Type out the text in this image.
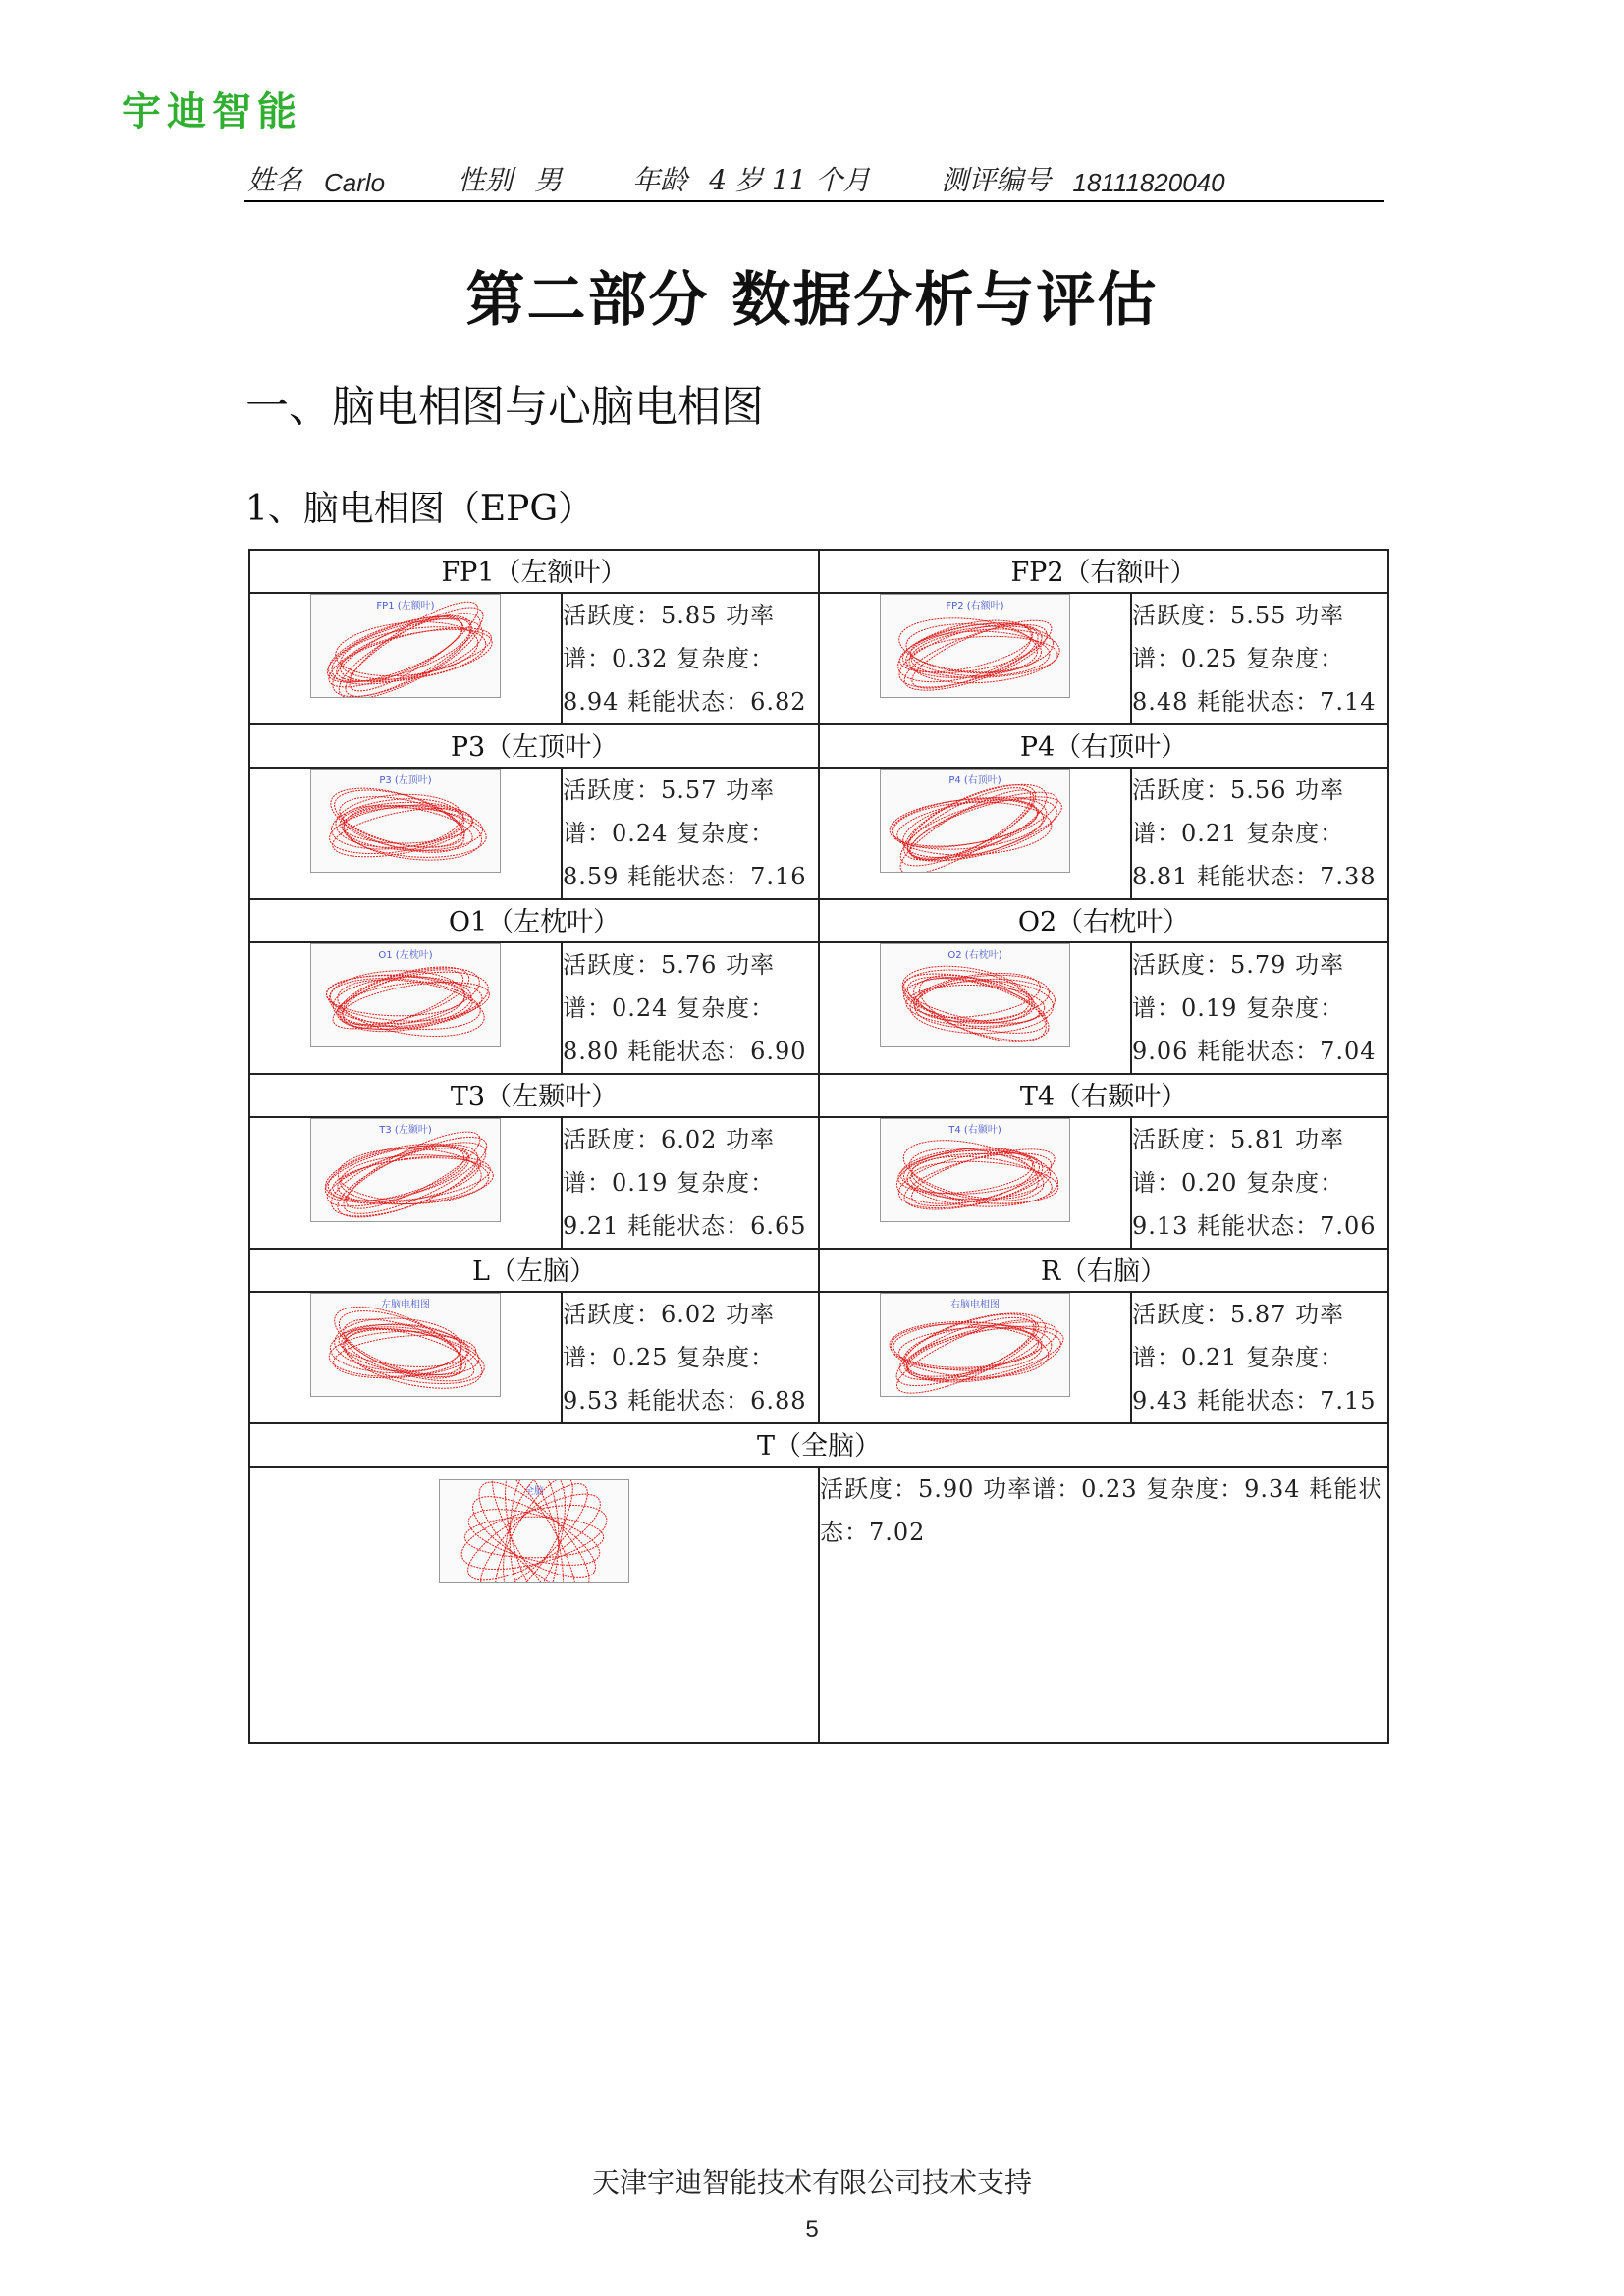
宇迪智能
姓名 Carlo	性别 男	年龄 4 岁 11 个月	测评编号 18111820040
第二部分 数据分析与评估
一、脑电相图与心脑电相图
1、脑电相图（EPG）
FP1（左额叶）		FP2（右额叶）	

FP1 (左额叶)	活跃度：5.85 功率谱：0.32 复杂度：8.94 耗能状态：6.82	FP2 (右额叶)	活跃度：5.55 功率谱：0.25 复杂度：8.48 耗能状态：7.14
P3（左顶叶）		P4（右顶叶）	

P3 (左顶叶)	活跃度：5.57 功率谱：0.24 复杂度：8.59 耗能状态：7.16	P4 (右顶叶)	活跃度：5.56 功率谱：0.21 复杂度：8.81 耗能状态：7.38
O1（左枕叶）		O2（右枕叶）	

O1 (左枕叶)	活跃度：5.76 功率谱：0.24 复杂度：8.80 耗能状态：6.90	O2 (右枕叶)	活跃度：5.79 功率谱：0.19 复杂度：9.06 耗能状态：7.04
T3（左颞叶）		T4（右颞叶）	

T3 (左颞叶)	活跃度：6.02 功率谱：0.19 复杂度：9.21 耗能状态：6.65	T4 (右颞叶)	活跃度：5.81 功率谱：0.20 复杂度：9.13 耗能状态：7.06
L（左脑）		R（右脑）	

左脑电相图	活跃度：6.02 功率谱：0.25 复杂度：9.53 耗能状态：6.88	右脑电相图	活跃度：5.87 功率谱：0.21 复杂度：9.43 耗能状态：7.15
T（全脑）			

全脑		活跃度：5.90 功率谱：0.23 复杂度：9.34 耗能状态：7.02	
天津宇迪智能技术有限公司技术支持
5
